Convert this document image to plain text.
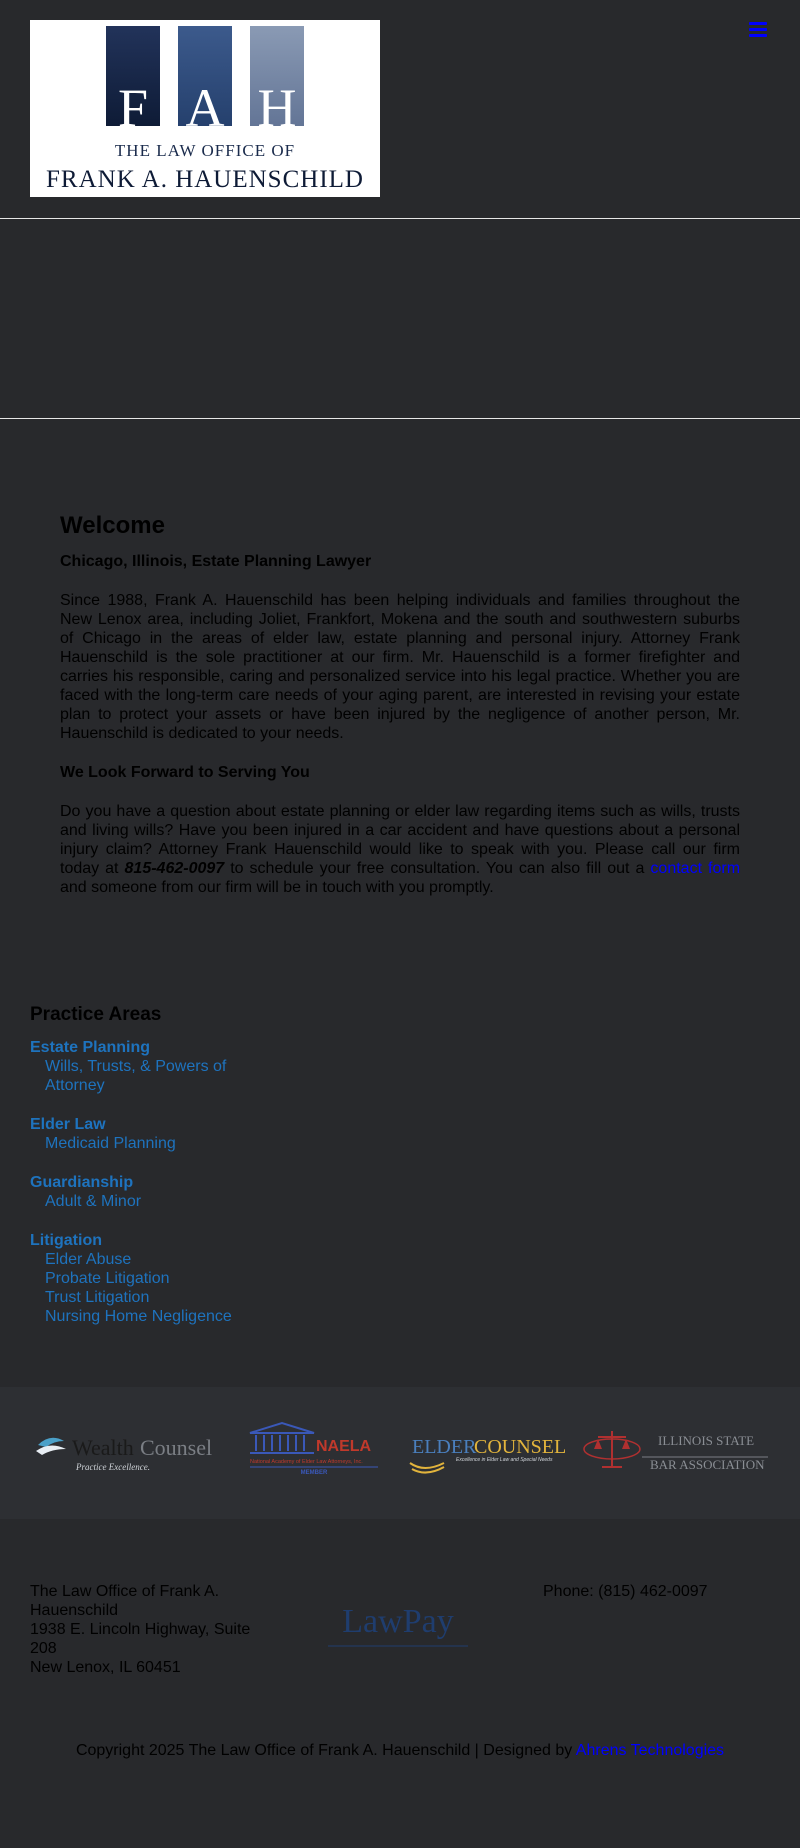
F A H
THE LAW OFFICE OF
FRANK A. HAUENSCHILD
Welcome
Chicago, Illinois, Estate Planning Lawyer

Since 1988, Frank A. Hauenschild has been helping individuals and families throughout the New Lenox area, including Joliet, Frankfort, Mokena and the south and southwestern suburbs of Chicago in the areas of elder law, estate planning and personal injury. Attorney Frank Hauenschild is the sole practitioner at our firm. Mr. Hauenschild is a former firefighter and carries his responsible, caring and personalized service into his legal practice. Whether you are faced with the long-term care needs of your aging parent, are interested in revising your estate plan to protect your assets or have been injured by the negligence of another person, Mr. Hauenschild is dedicated to your needs.

We Look Forward to Serving You

Do you have a question about estate planning or elder law regarding items such as wills, trusts and living wills? Have you been injured in a car accident and have questions about a personal injury claim? Attorney Frank Hauenschild would like to speak with you. Please call our firm today at 815-462-0097 to schedule your free consultation. You can also fill out a contact form and someone from our firm will be in touch with you promptly.

Practice Areas
Estate Planning
Wills, Trusts, & Powers of Attorney
Elder Law
Medicaid Planning
Guardianship
Adult & Minor
Litigation
Elder Abuse
Probate Litigation
Trust Litigation
Nursing Home Negligence
Wealth Counsel
Practice Excellence.
NAELA
National Academy of Elder Law Attorneys, Inc.
MEMBER
ELDER
COUNSEL
Excellence in Elder Law and Special Needs
ILLINOIS STATE
BAR ASSOCIATION
The Law Office of Frank A. Hauenschild
1938 E. Lincoln Highway, Suite 208
New Lenox, IL 60451
LawPay
Phone: (815) 462-0097
Copyright 2025 The Law Office of Frank A. Hauenschild | Designed by Ahrens Technologies
